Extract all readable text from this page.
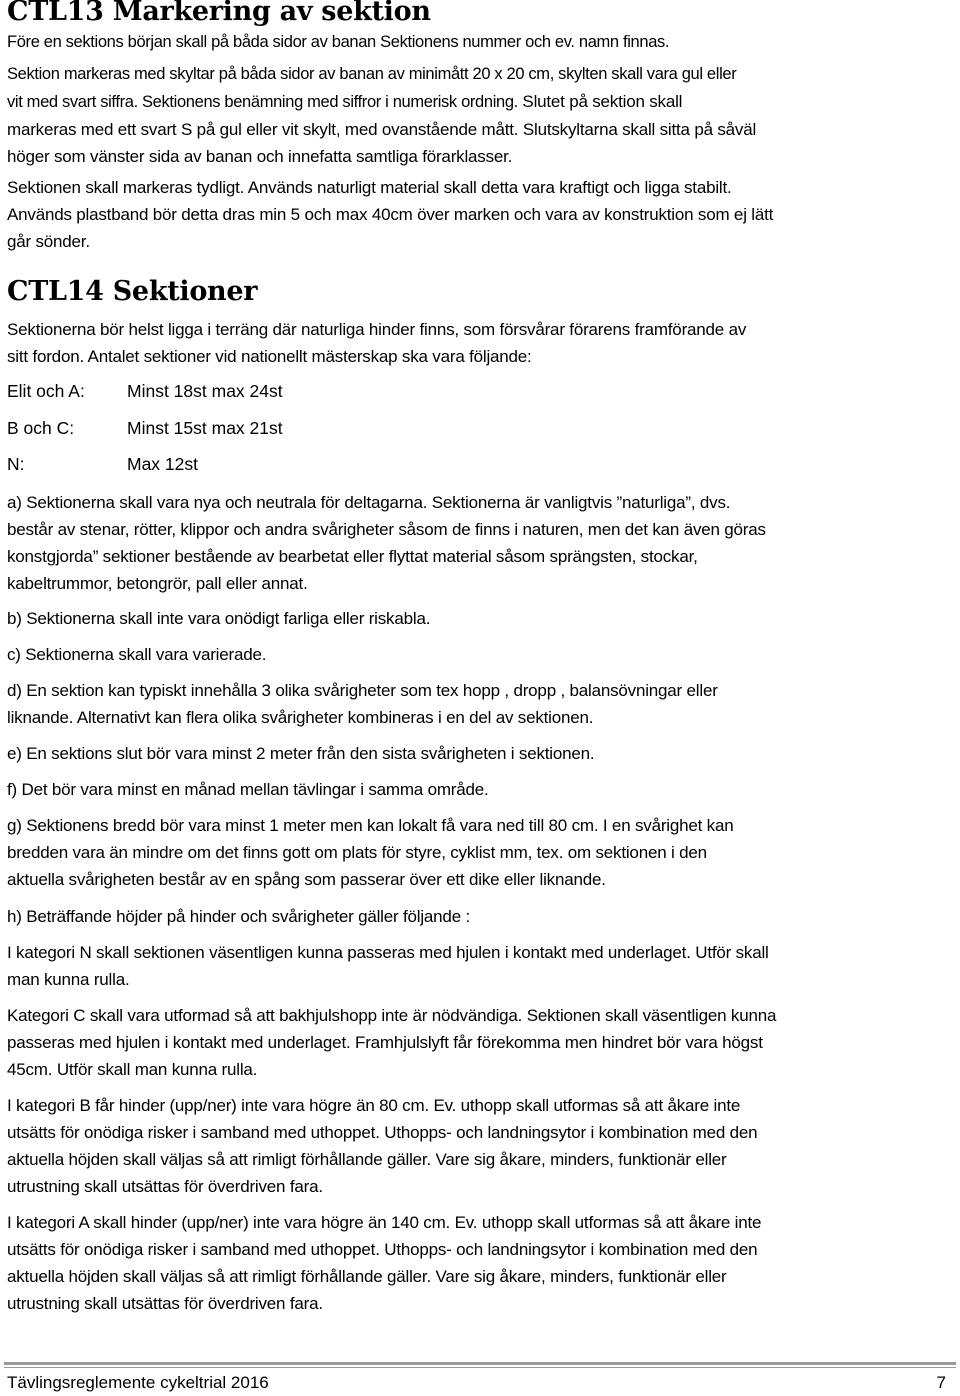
CTL13 Markering av sektion

Före en sektions början skall på båda sidor av banan Sektionens nummer och ev. namn finnas.

Sektion markeras med skyltar på båda sidor av banan av minimått 20 x 20 cm, skylten skall vara gul eller

vit med svart siffra. Sektionens benämning med siffror i numerisk ordning. Slutet på sektion skall

markeras med ett svart S på gul eller vit skylt, med ovanstående mått. Slutskyltarna skall sitta på såväl

höger som vänster sida av banan och innefatta samtliga förarklasser.

Sektionen skall markeras tydligt. Används naturligt material skall detta vara kraftigt och ligga stabilt.

Används plastband bör detta dras min 5 och max 40cm över marken och vara av konstruktion som ej lätt

går sönder.

CTL14 Sektioner

Sektionerna bör helst ligga i terräng där naturliga hinder finns, som försvårar förarens framförande av

sitt fordon. Antalet sektioner vid nationellt mästerskap ska vara följande:

Elit och A:	Minst 18st max 24st
B och C:	Minst 15st max 21st
N:	Max 12st

a) Sektionerna skall vara nya och neutrala för deltagarna. Sektionerna är vanligtvis ”naturliga”, dvs.

består av stenar, rötter, klippor och andra svårigheter såsom de finns i naturen, men det kan även göras

konstgjorda” sektioner bestående av bearbetat eller flyttat material såsom sprängsten, stockar,

kabeltrummor, betongrör, pall eller annat.

b) Sektionerna skall inte vara onödigt farliga eller riskabla.

c) Sektionerna skall vara varierade.

d) En sektion kan typiskt innehålla 3 olika svårigheter som tex hopp , dropp , balansövningar eller

liknande. Alternativt kan flera olika svårigheter kombineras i en del av sektionen.

e) En sektions slut bör vara minst 2 meter från den sista svårigheten i sektionen.

f) Det bör vara minst en månad mellan tävlingar i samma område.

g) Sektionens bredd bör vara minst 1 meter men kan lokalt få vara ned till 80 cm. I en svårighet kan

bredden vara än mindre om det finns gott om plats för styre, cyklist mm, tex. om sektionen i den

aktuella svårigheten består av en spång som passerar över ett dike eller liknande.

h) Beträffande höjder på hinder och svårigheter gäller följande :

I kategori N skall sektionen väsentligen kunna passeras med hjulen i kontakt med underlaget. Utför skall

man kunna rulla.

Kategori C skall vara utformad så att bakhjulshopp inte är nödvändiga. Sektionen skall väsentligen kunna

passeras med hjulen i kontakt med underlaget. Framhjulslyft får förekomma men hindret bör vara högst

45cm. Utför skall man kunna rulla.

I kategori B får hinder (upp/ner) inte vara högre än 80 cm. Ev. uthopp skall utformas så att åkare inte

utsätts för onödiga risker i samband med uthoppet. Uthopps- och landningsytor i kombination med den

aktuella höjden skall väljas så att rimligt förhållande gäller. Vare sig åkare, minders, funktionär eller

utrustning skall utsättas för överdriven fara.

I kategori A skall hinder (upp/ner) inte vara högre än 140 cm. Ev. uthopp skall utformas så att åkare inte

utsätts för onödiga risker i samband med uthoppet. Uthopps- och landningsytor i kombination med den

aktuella höjden skall väljas så att rimligt förhållande gäller. Vare sig åkare, minders, funktionär eller

utrustning skall utsättas för överdriven fara.

Tävlingsreglemente cykeltrial 2016	7
